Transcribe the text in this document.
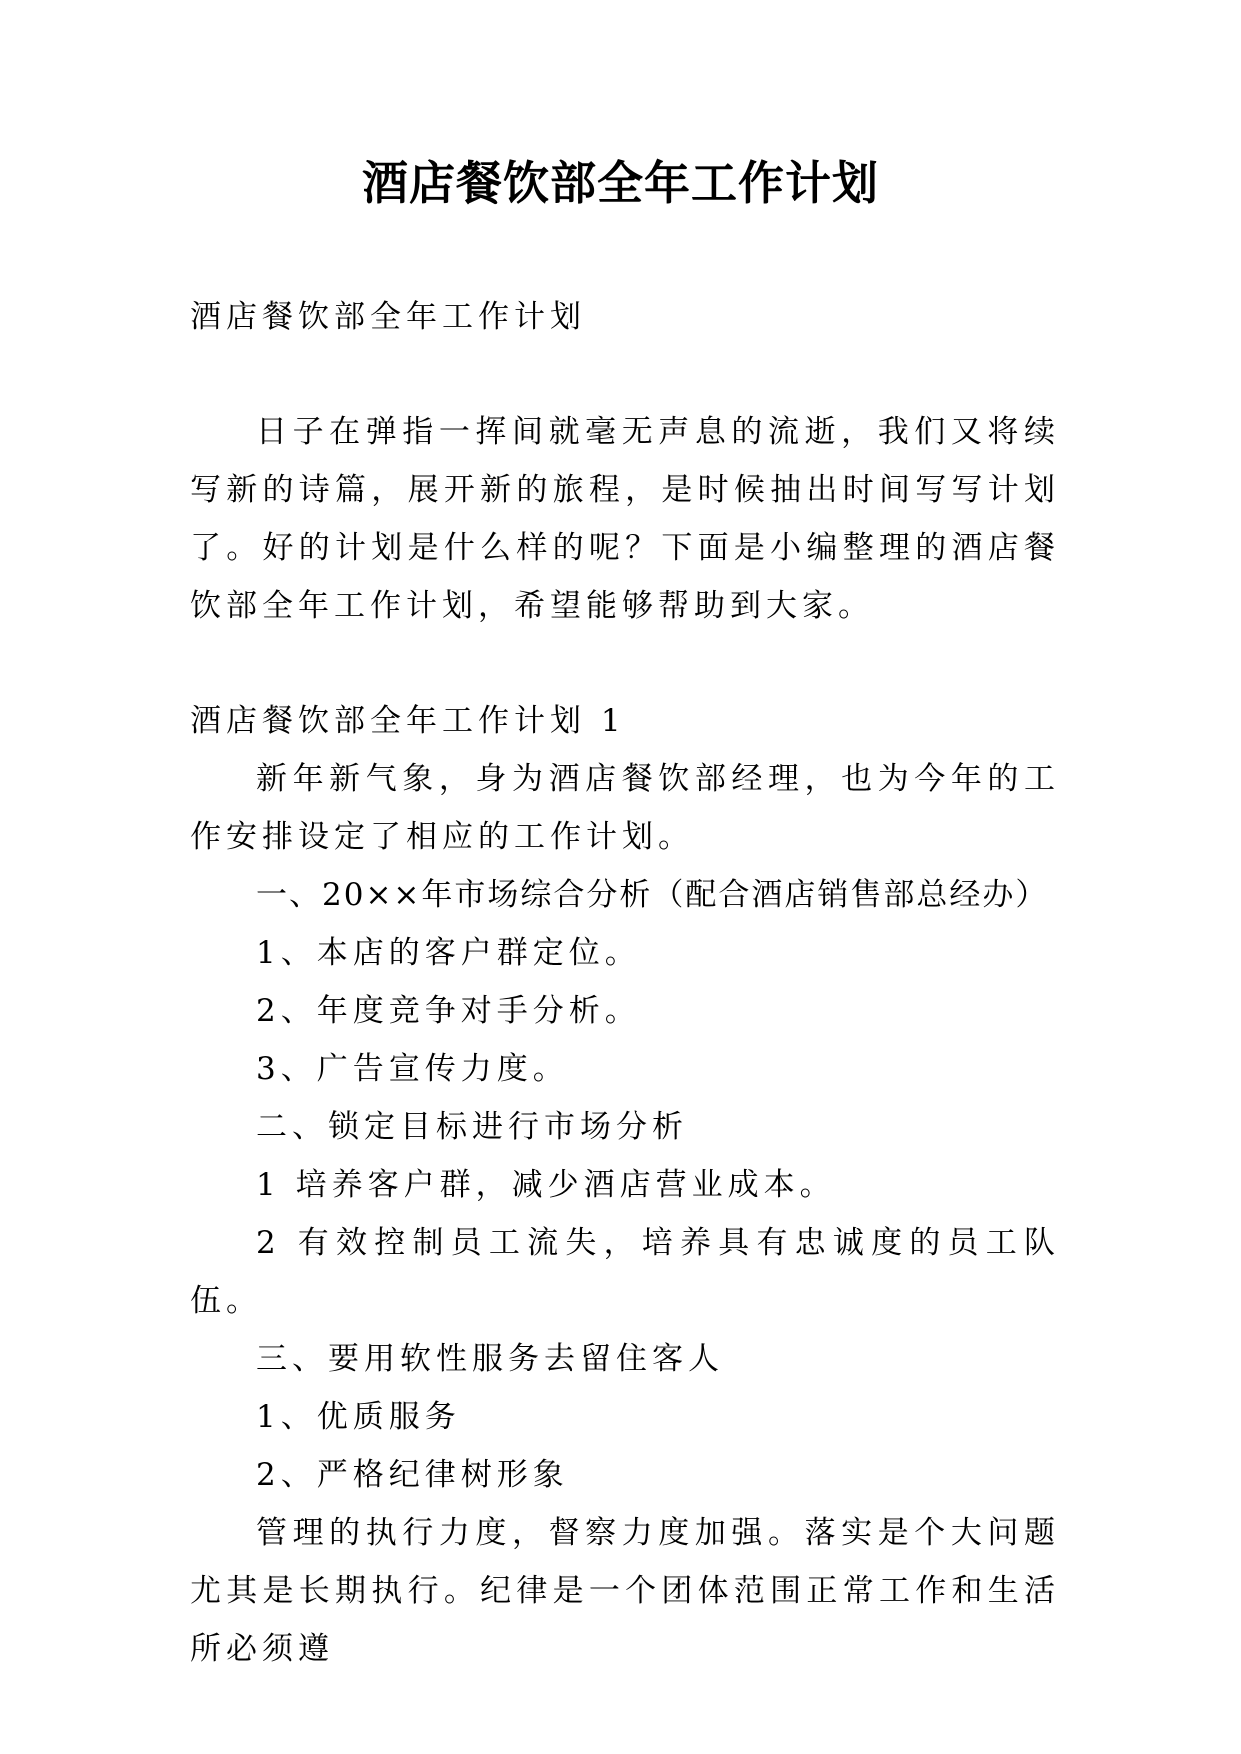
酒店餐饮部全年工作计划
酒店餐饮部全年工作计划

日子在弹指一挥间就毫无声息的流逝，我们又将续写新的诗篇，展开新的旅程，是时候抽出时间写写计划了。好的计划是什么样的呢？下面是小编整理的酒店餐饮部全年工作计划，希望能够帮助到大家。

酒店餐饮部全年工作计划 1

新年新气象，身为酒店餐饮部经理，也为今年的工作安排设定了相应的工作计划。

一、20××年市场综合分析（配合酒店销售部总经办）

1、本店的客户群定位。

2、年度竞争对手分析。

3、广告宣传力度。

二、锁定目标进行市场分析

1 培养客户群，减少酒店营业成本。

2 有效控制员工流失，培养具有忠诚度的员工队伍。

三、要用软性服务去留住客人

1、优质服务

2、严格纪律树形象

管理的执行力度，督察力度加强。落实是个大问题尤其是长期执行。纪律是一个团体范围正常工作和生活所必须遵
